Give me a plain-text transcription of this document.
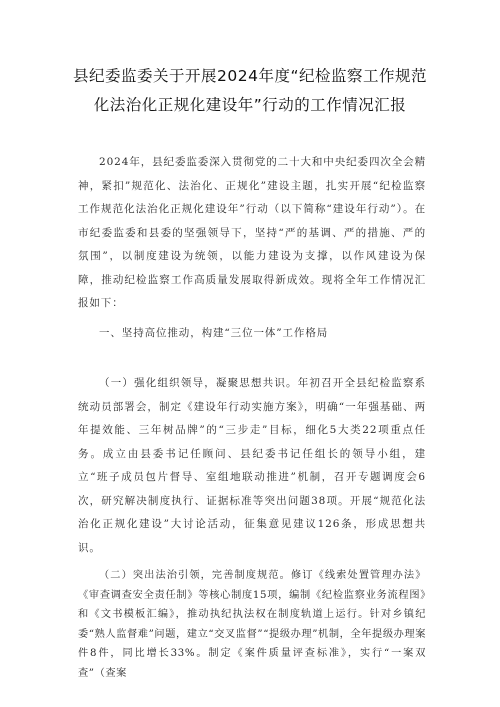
县纪委监委关于开展2024年度“纪检监察工作规范
化法治化正规化建设年”行动的工作情况汇报
2024年，县纪委监委深入贯彻党的二十大和中央纪委四次全会精神，紧扣”规范化、法治化、正规化”建设主题，扎实开展“纪检监察工作规范化法治化正规化建设年”行动（以下简称“建设年行动”）。在市纪委监委和县委的坚强领导下，坚持“严的基调、严的措施、严的氛围”，以制度建设为统领，以能力建设为支撑，以作风建设为保障，推动纪检监察工作高质量发展取得新成效。现将全年工作情况汇报如下：
一、坚持高位推动，构建“三位一体”工作格局
（一）强化组织领导，凝聚思想共识。年初召开全县纪检监察系统动员部署会，制定《建设年行动实施方案》，明确“一年强基础、两年提效能、三年树品牌”的“三步走”目标，细化5大类22项重点任务。成立由县委书记任顾问、县纪委书记任组长的领导小组，建立“班子成员包片督导、室组地联动推进”机制，召开专题调度会6次，研究解决制度执行、证据标准等突出问题38项。开展“规范化法治化正规化建设”大讨论活动，征集意见建议126条，形成思想共识。
（二）突出法治引领，完善制度规范。修订《线索处置管理办法》《审查调查安全责任制》等核心制度15项，编制《纪检监察业务流程图》和《文书模板汇编》，推动执纪执法权在制度轨道上运行。针对乡镇纪委“熟人监督难”问题，建立“交叉监督”“提级办理”机制，全年提级办理案件8件，同比增长33%。制定《案件质量评查标准》，实行“一案双查”（查案
